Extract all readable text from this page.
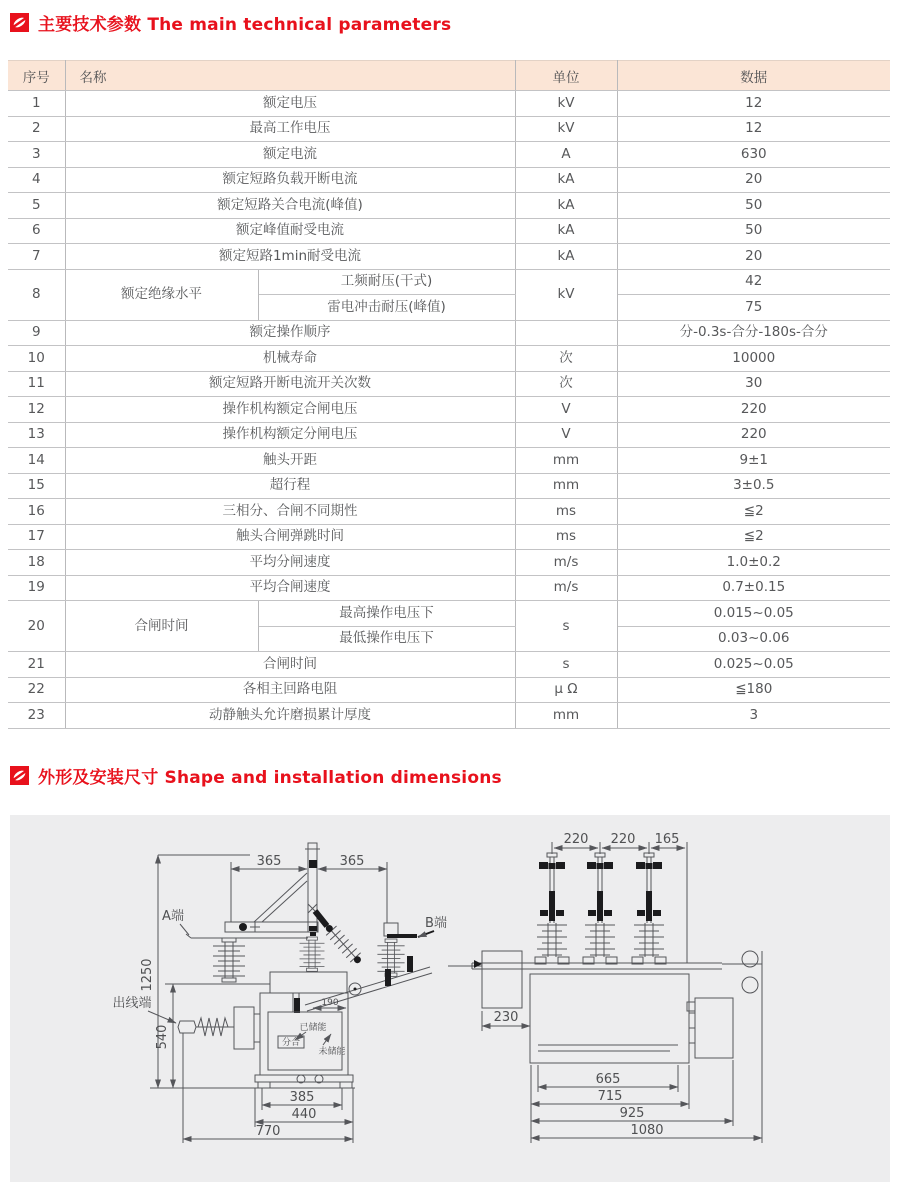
主要技术参数 The main technical parameters
序号	名称		单位	数据
1	额定电压		kV	12
2	最高工作电压		kV	12
3	额定电流		A	630
4	额定短路负载开断电流		kA	20
5	额定短路关合电流(峰值)		kA	50
6	额定峰值耐受电流		kA	50
7	额定短路1min耐受电流		kA	20
8	额定绝缘水平	工频耐压(干式)	kV	42
		雷电冲击耐压(峰值)		75
9	额定操作顺序			分-0.3s-合分-180s-合分
10	机械寿命		次	10000
11	额定短路开断电流开关次数		次	30
12	操作机构额定合闸电压		V	220
13	操作机构额定分闸电压		V	220
14	触头开距		mm	9±1
15	超行程		mm	3±0.5
16	三相分、合闸不同期性		ms	≦2
17	触头合闸弹跳时间		ms	≦2
18	平均分闸速度		m/s	1.0±0.2
19	平均合闸速度		m/s	0.7±0.15
20	合闸时间	最高操作电压下	s	0.015~0.05
		最低操作电压下		0.03~0.06
21	合闸时间		s	0.025~0.05
22	各相主回路电阻		μ Ω	≦180
23	动静触头允许磨损累计厚度		mm	3
外形及安装尺寸 Shape and installation dimensions
365	365
1250
540
190
385
440
770
A端	B端
出线端
已储能
分合
未储能
220 220 165
230
665
715
925
1080
